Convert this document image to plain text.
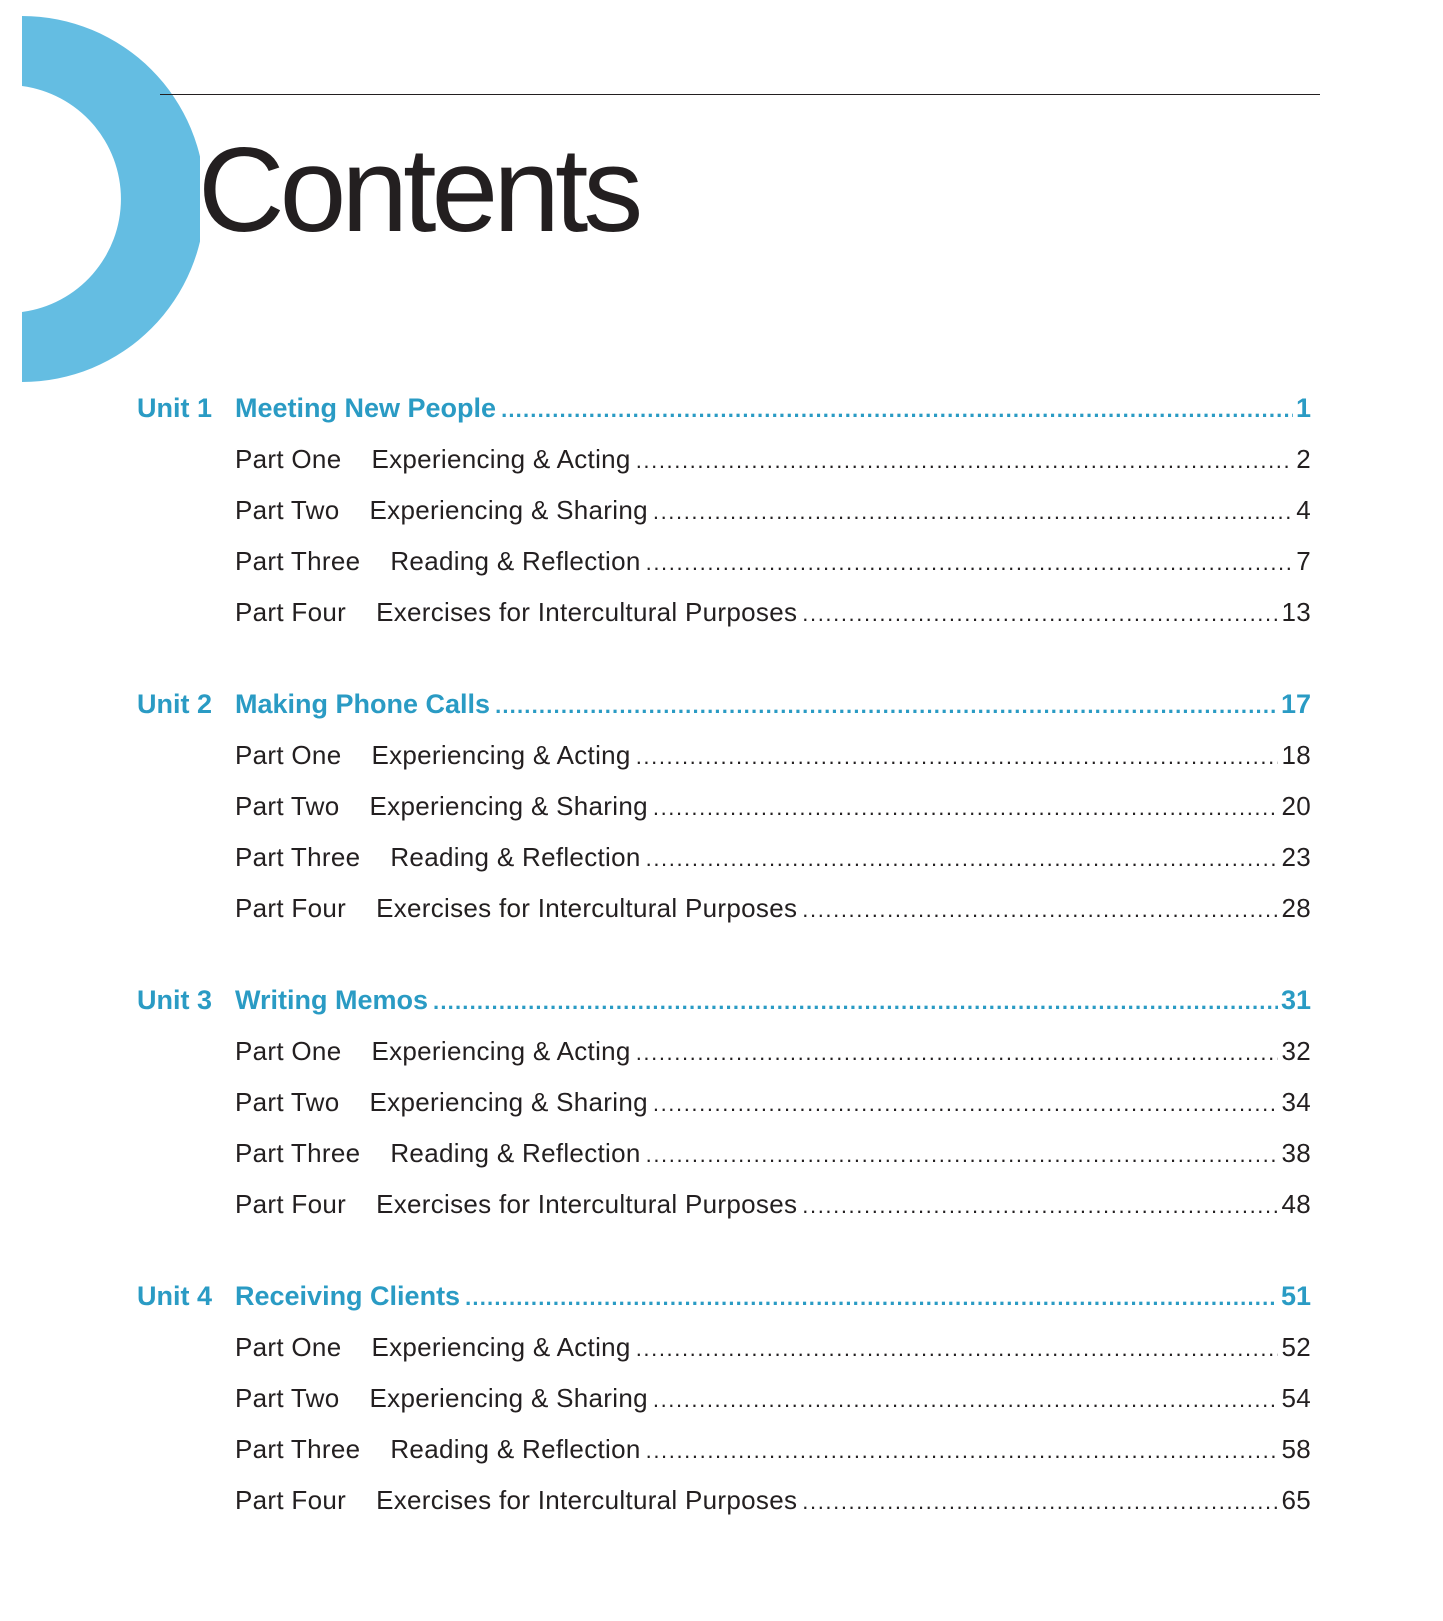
Contents
Unit 1 Meeting New People .....	1
Part One Experiencing & Acting .....	2
Part Two Experiencing & Sharing .....	4
Part Three Reading & Reflection .....	7
Part Four Exercises for Intercultural Purposes .....	13
Unit 2 Making Phone Calls .....	17
Part One Experiencing & Acting .....	18
Part Two Experiencing & Sharing .....	20
Part Three Reading & Reflection .....	23
Part Four Exercises for Intercultural Purposes .....	28
Unit 3 Writing Memos .....	31
Part One Experiencing & Acting .....	32
Part Two Experiencing & Sharing .....	34
Part Three Reading & Reflection .....	38
Part Four Exercises for Intercultural Purposes .....	48
Unit 4 Receiving Clients .....	51
Part One Experiencing & Acting .....	52
Part Two Experiencing & Sharing .....	54
Part Three Reading & Reflection .....	58
Part Four Exercises for Intercultural Purposes .....	65
